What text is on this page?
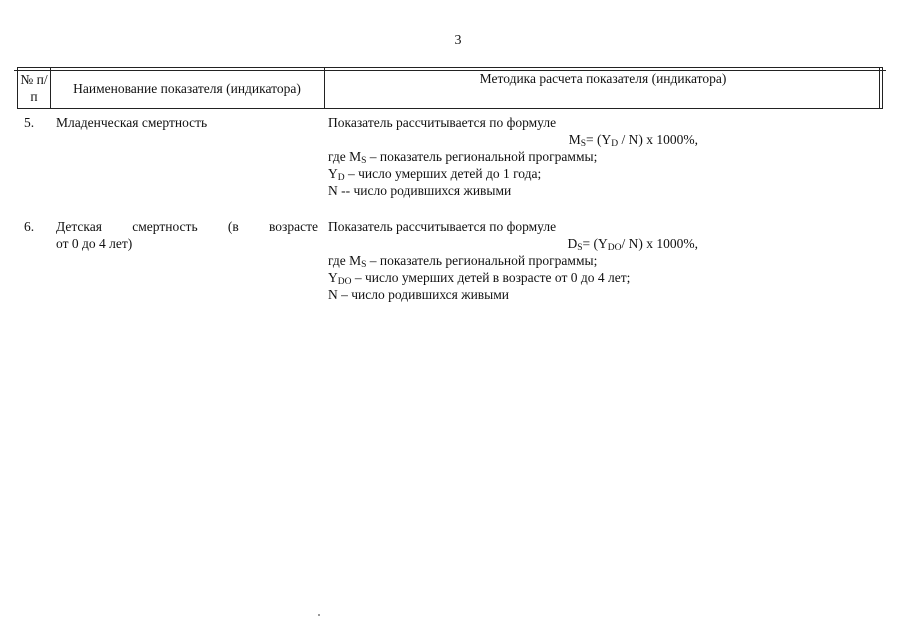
3
№ п/п
Наименование показателя (индикатора)
Методика расчета показателя (индикатора)
5. Младенческая смертность	Показатель рассчитывается по формуле
$M_S= (Y_D / N)$ x 1000%,
где $M_S$ – показатель региональной программы;
$Y_D$ – число умерших детей до 1 года;
N -- число родившихся живыми
6. Детская смертность (в возрасте
от 0 до 4 лет)
Показатель рассчитывается по формуле
$D_S= (Y_{DO}/$ N) x 1000%,
где $M_S$ – показатель региональной программы;
$Y_{DO}$ – число умерших детей в возрасте от 0 до 4 лет;
N – число родившихся живыми
